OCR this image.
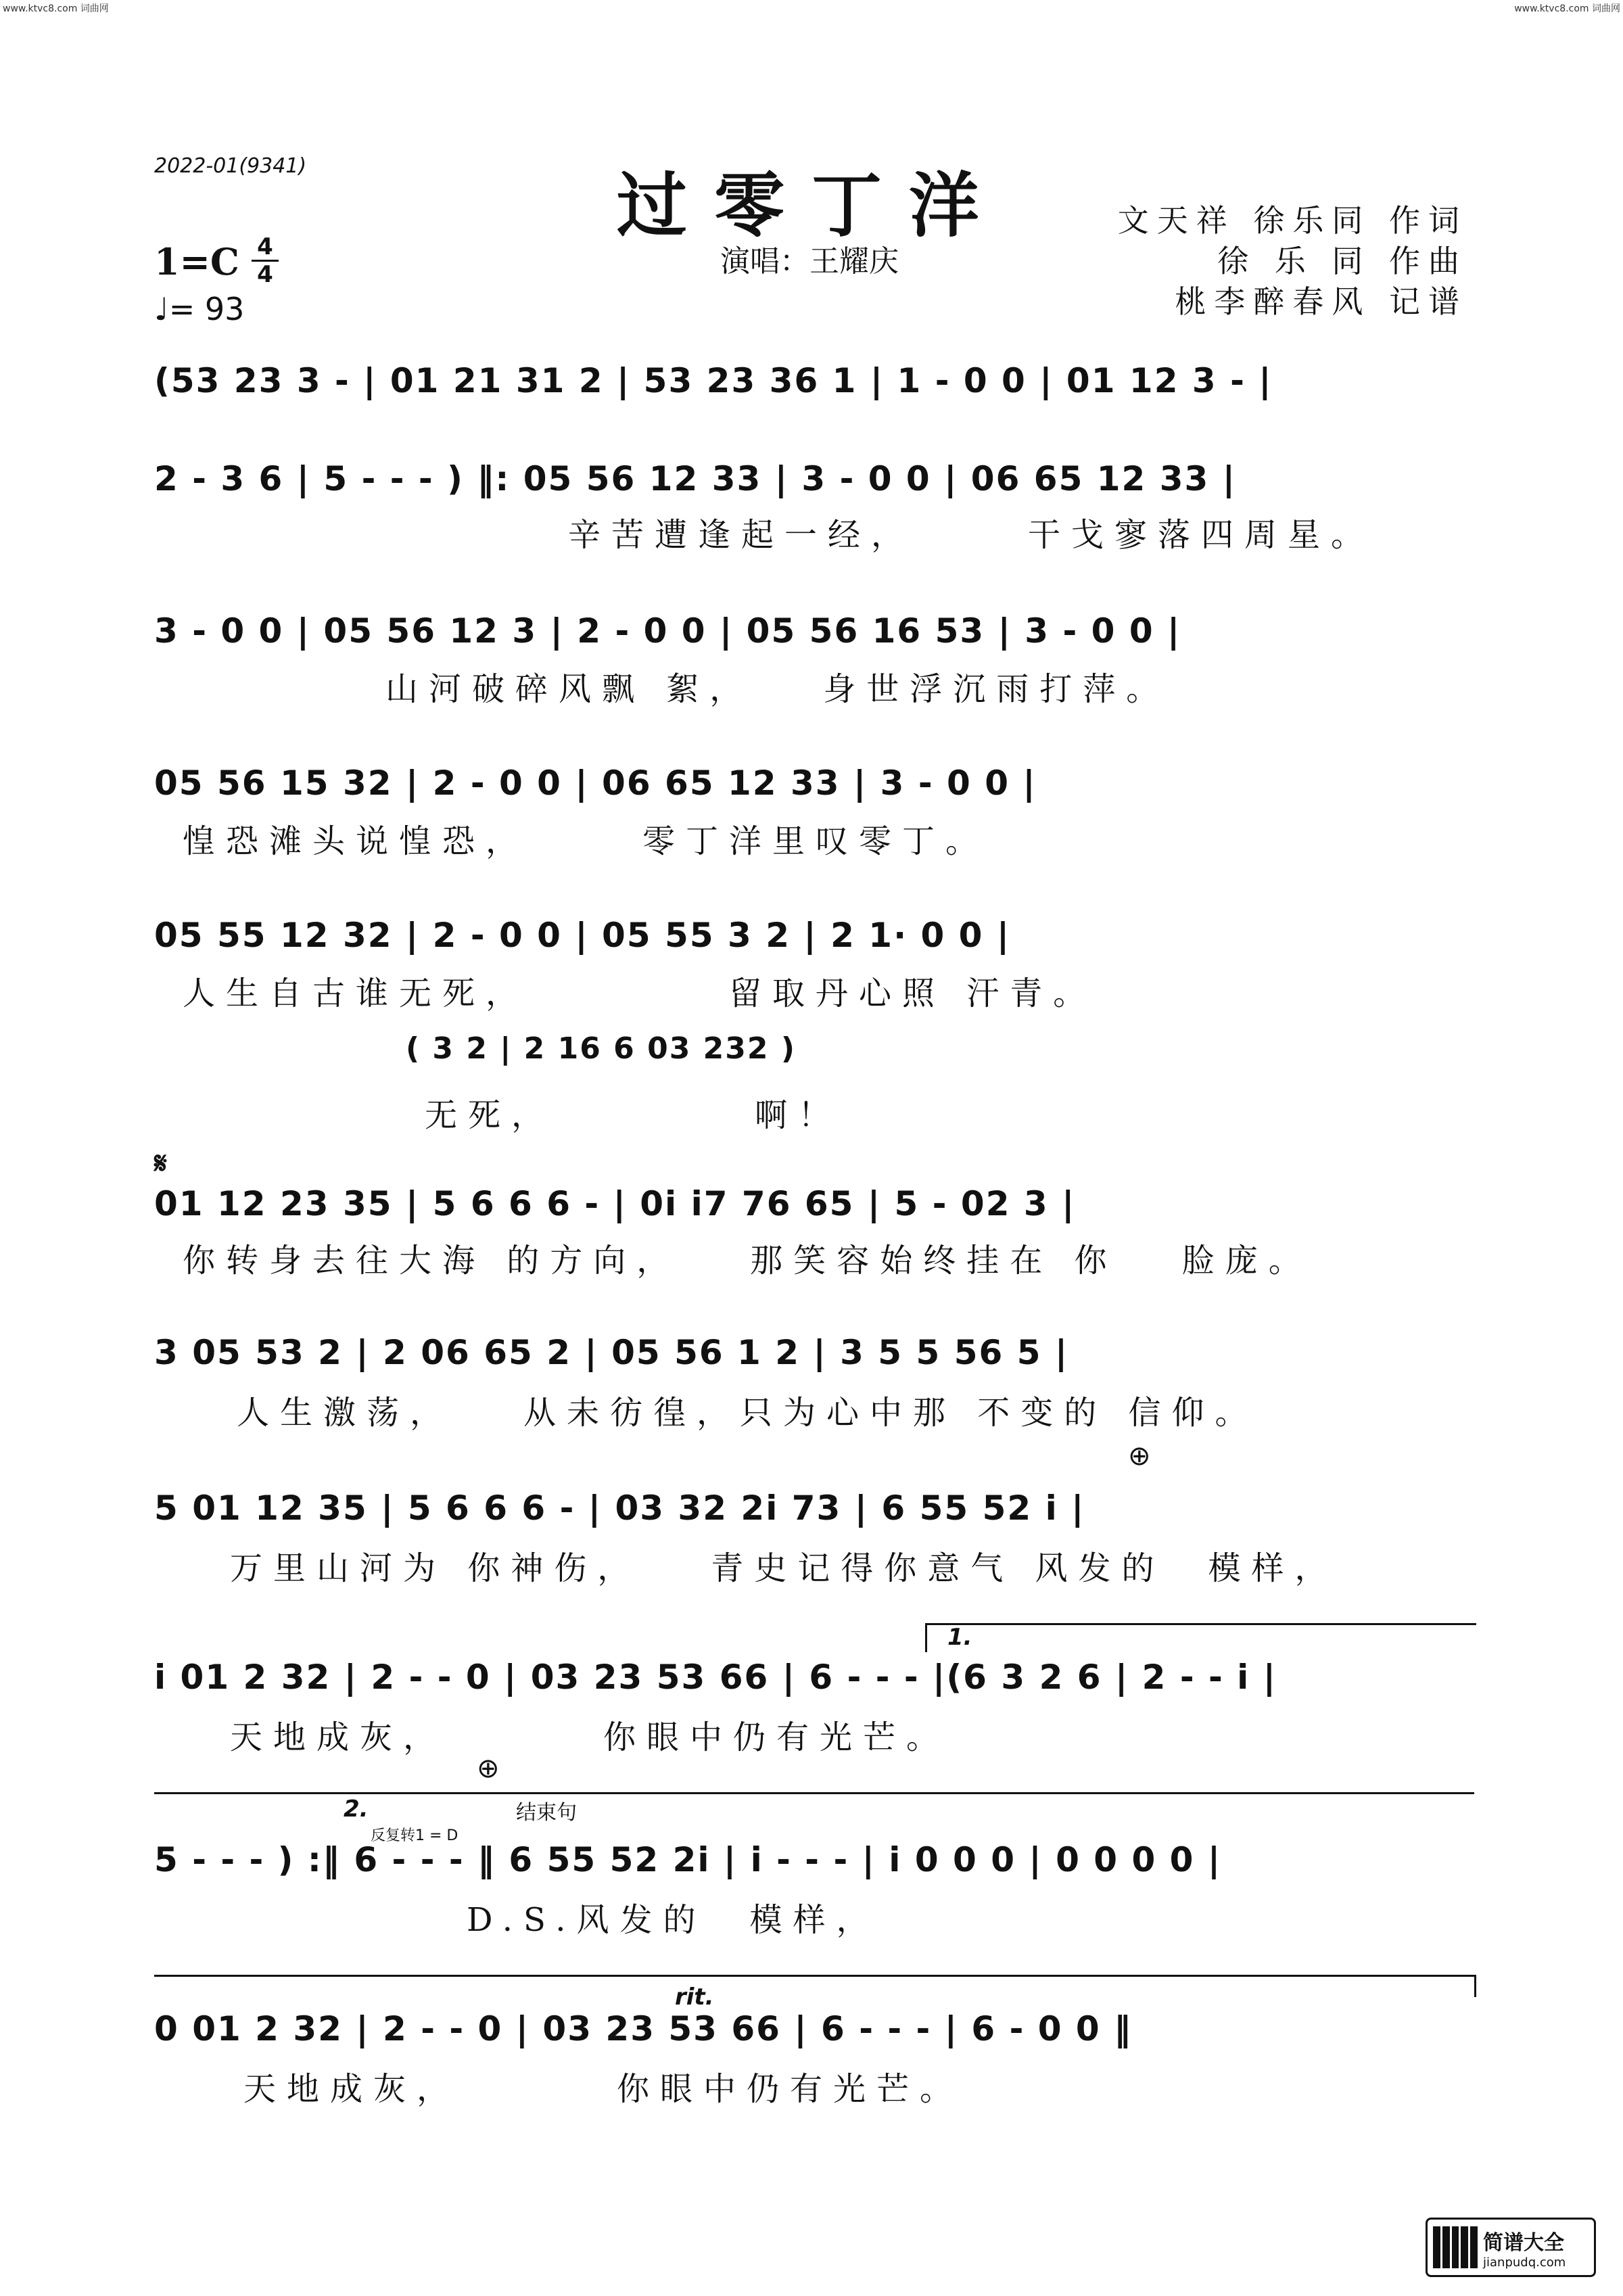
www.ktvc8.com 词曲网	www.ktvc8.com 词曲网
2022-01(9341)	过零丁洋
演唱：王耀庆
文天祥 徐乐同 作词
徐 乐 同 作曲
桃李醉春风 记谱
$1=C \frac{4}{4}$
♩= 93
(53 23 3 - | 01 21 31 2 | 53 23 36 1 | 1 - 0 0 | 01 12 3 - |
2 - 3 6 | 5 - - - ) ‖: 05 56 12 33 | 3 - 0 0 | 06 65 12 33 |
辛苦遭逢起一经，　　　干戈寥落四周星。
3 - 0 0 | 05 56 12 3 | 2 - 0 0 | 05 56 16 53 | 3 - 0 0 |
山河破碎风飘 絮，　　身世浮沉雨打萍。
05 56 15 32 | 2 - 0 0 | 06 65 12 33 | 3 - 0 0 |
惶恐滩头说惶恐，　　　零丁洋里叹零丁。
05 55 12 32 | 2 - 0 0 | 05 55 3 2 | 2 1· 0 0 |
人生自古谁无死，　　　　　留取丹心照 汗青。
( 3 2 | 2 16 6 03 232 )
无死，　　　　　啊！
𝄋
01 12 23 35 | 5 6 6 6 - | 0i i7 76 65 | 5 - 02 3 |
你转身去往大海 的方向，　　那笑容始终挂在 你　 脸庞。
3 05 53 2 | 2 06 65 2 | 05 56 1 2 | 3 5 5 56 5 |
人生激荡，　　从未彷徨，只为心中那 不变的 信仰。
⊕
5 01 12 35 | 5 6 6 6 - | 03 32 2i 73 | 6 55 52 i |
万里山河为 你神伤，　　青史记得你意气 风发的　模样，
1.
i 01 2 32 | 2 - - 0 | 03 23 53 66 | 6 - - - |(6 3 2 6 | 2 - - i |
天地成灰，　　　　你眼中仍有光芒。
⊕
2.
反复转1 = D
结束句
5 - - - ) :‖ 6 - - - ‖ 6 55 52 2i | i - - - | i 0 0 0 | 0 0 0 0 |
D.S.风发的　模样，
rit.
0 01 2 32 | 2 - - 0 | 03 23 53 66 | 6 - - - | 6 - 0 0 ‖
天地成灰，　　　　你眼中仍有光芒。
简谱大全
jianpudq.com
